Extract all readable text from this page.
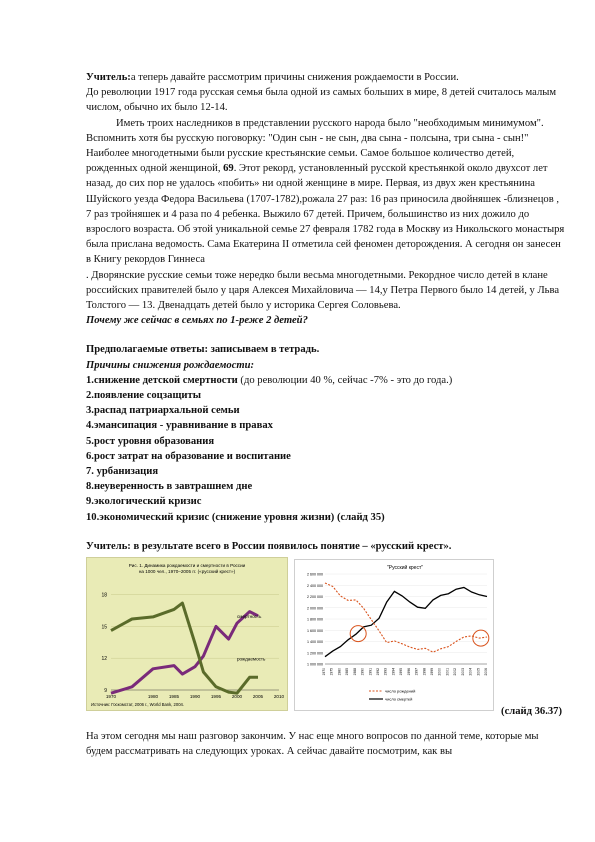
Учитель:а теперь давайте рассмотрим причины снижения рождаемости в России.

До революции 1917 года русская семья была одной из самых больших в мире, 8 детей считалось малым числом, обычно их было 12-14.

Иметь троих наследников в представлении русского народа было "необходимым минимумом". Вспомнить хотя бы русскую поговорку: "Один сын - не сын, два сына - полсына, три сына - сын!" Наиболее многодетными были русские крестьянские семьи. Самое большое количество детей, рожденных одной женщиной, 69. Этот рекорд, установленный русской крестьянкой около двухсот лет назад, до сих пор не удалось «побить» ни одной женщине в мире. Первая, из двух жен крестьянина Шуйского уезда Федора Васильева (1707-1782),рожала 27 раз: 16 раз приносила двойняшек -близнецов , 7 раз тройняшек и 4 раза по 4 ребенка. Выжило 67 детей. Причем, большинство из них дожило до взрослого возраста. Об этой уникальной семье 27 февраля 1782 года в Москву из Никольского монастыря была прислана ведомость. Сама Екатерина II отметила сей феномен деторождения. А сегодня он занесен в Книгу рекордов Гиннеса

. Дворянские русские семьи тоже нередко были весьма многодетными. Рекордное число детей в клане российских правителей было у царя Алексея Михайловича — 14,у Петра Первого было 14 детей, у Льва Толстого — 13. Двенадцать детей было у историка Сергея Соловьева.

Почему же сейчас в семьях по 1-реже 2 детей?

Предполагаемые ответы: записываем в тетрадь.

Причины снижения рождаемости:

1.снижение детской смертности (до революции 40 %, сейчас -7% - это до года.)

2.появление соцзащиты

3.распад патриархальной семьи

4.эмансипация - уравнивание в правах

5.рост уровня образования

6.рост затрат на образование и воспитание

7. урбанизация

8.неуверенность в завтрашнем дне

9.экологический кризис

10.экономический кризис (снижение уровня жизни) (слайд 35)

Учитель: в результате всего в России появилось понятие – «русский крест».

Рис. 1. Динамика рождаемости и смертности в России
на 1000 чел., 1970–2005 гг. («русский крест»)
9
12
15
18
1970	1980 1985 1990 1995 2000 2005 2010
смертность
рождаемость
Источник: Госкомстат, 2006 г., World Bank, 2004.
"Русский крест"
1 000 000
1 200 000
1 400 000
1 600 000
1 800 000
2 000 000
2 200 000
2 400 000
2 600 000
1970 1975 1980 1985 1988 1990 1991 1992 1993 1994 1995 1996 1997 1998 1999 2000 2001 2002 2003 2004 2005 2006
число рождений
число смертей
(слайд 36.37)

На этом сегодня мы наш разговор закончим. У нас еще много вопросов по данной теме, которые мы будем рассматривать на следующих уроках. А сейчас давайте посмотрим, как вы
